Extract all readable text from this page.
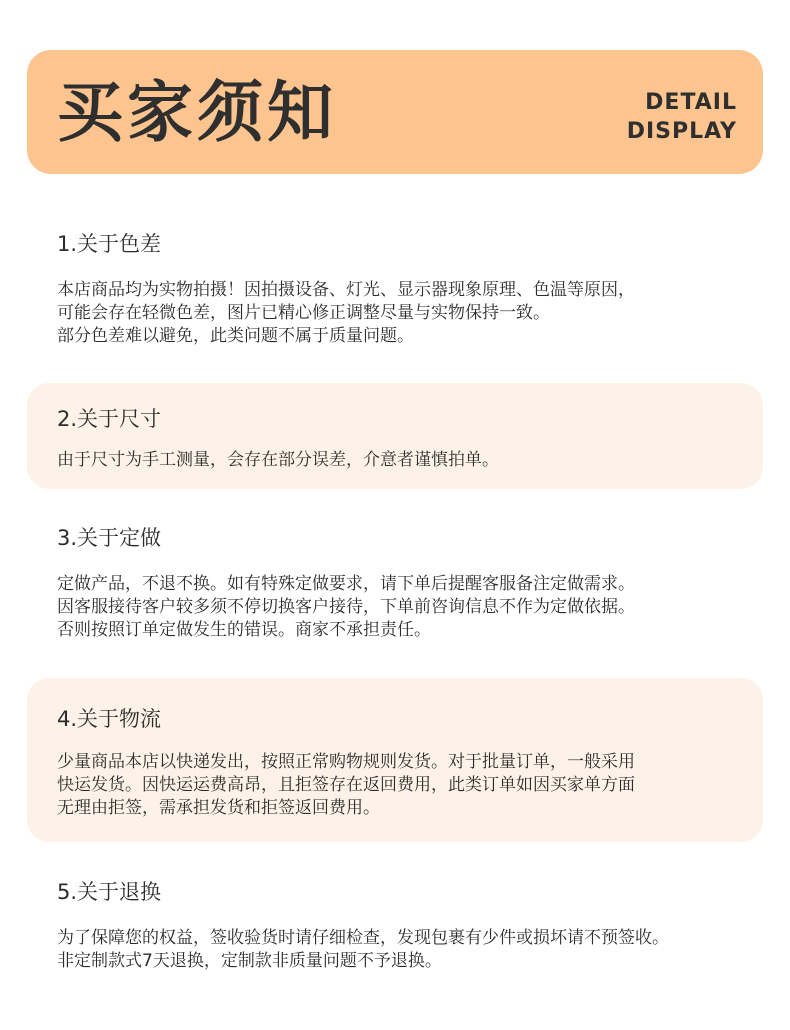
买家须知	DETAIL
DISPLAY
1.关于色差
本店商品均为实物拍摄！因拍摄设备、灯光、显示器现象原理、色温等原因，
可能会存在轻微色差，图片已精心修正调整尽量与实物保持一致。
部分色差难以避免，此类问题不属于质量问题。
2.关于尺寸
由于尺寸为手工测量，会存在部分误差，介意者谨慎拍单。
3.关于定做
定做产品，不退不换。如有特殊定做要求，请下单后提醒客服备注定做需求。
因客服接待客户较多须不停切换客户接待，下单前咨询信息不作为定做依据。
否则按照订单定做发生的错误。商家不承担责任。
4.关于物流
少量商品本店以快递发出，按照正常购物规则发货。对于批量订单，一般采用
快运发货。因快运运费高昂，且拒签存在返回费用，此类订单如因买家单方面
无理由拒签，需承担发货和拒签返回费用。
5.关于退换
为了保障您的权益，签收验货时请仔细检查，发现包裹有少件或损坏请不预签收。
非定制款式7天退换，定制款非质量问题不予退换。
